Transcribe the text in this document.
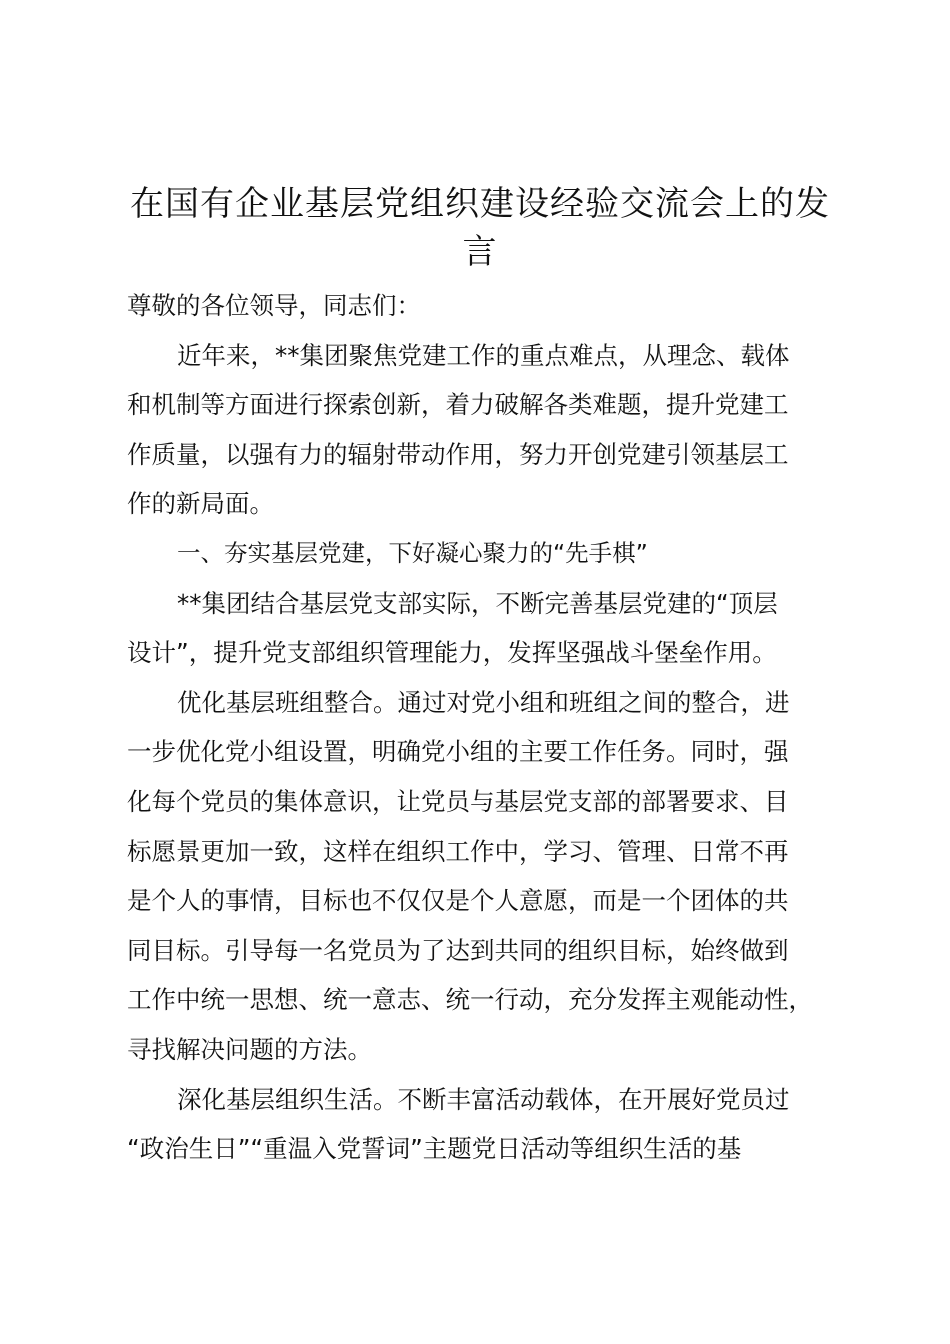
在国有企业基层党组织建设经验交流会上的发
言
尊敬的各位领导，同志们：
近年来，**集团聚焦党建工作的重点难点，从理念、载体
和机制等方面进行探索创新，着力破解各类难题，提升党建工
作质量，以强有力的辐射带动作用，努力开创党建引领基层工
作的新局面。
一、夯实基层党建，下好凝心聚力的“先手棋”
**集团结合基层党支部实际，不断完善基层党建的“顶层
设计”，提升党支部组织管理能力，发挥坚强战斗堡垒作用。
优化基层班组整合。通过对党小组和班组之间的整合，进
一步优化党小组设置，明确党小组的主要工作任务。同时，强
化每个党员的集体意识，让党员与基层党支部的部署要求、目
标愿景更加一致，这样在组织工作中，学习、管理、日常不再
是个人的事情，目标也不仅仅是个人意愿，而是一个团体的共
同目标。引导每一名党员为了达到共同的组织目标，始终做到
工作中统一思想、统一意志、统一行动，充分发挥主观能动性，
寻找解决问题的方法。
深化基层组织生活。不断丰富活动载体，在开展好党员过
“政治生日”“重温入党誓词”主题党日活动等组织生活的基
